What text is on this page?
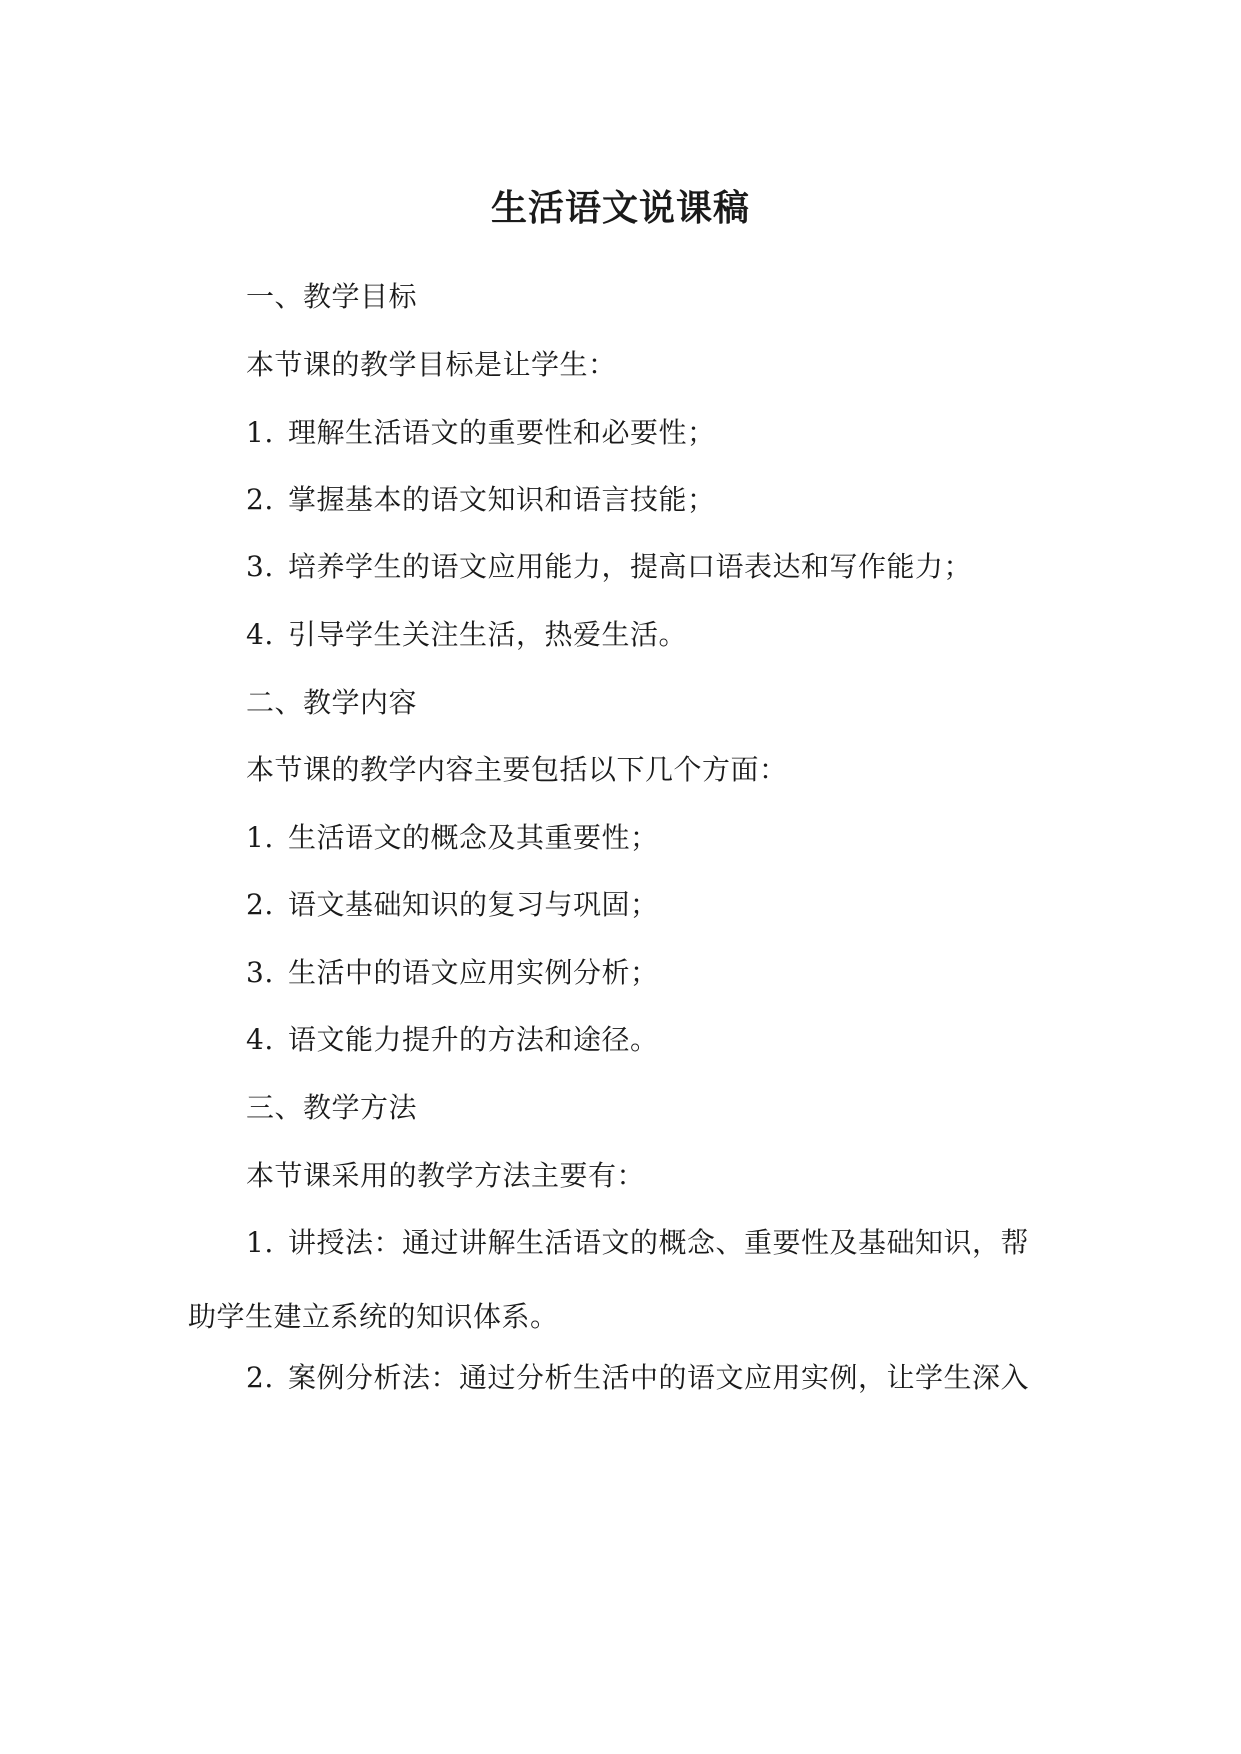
生活语文说课稿

一、教学目标

本节课的教学目标是让学生：

1. 理解生活语文的重要性和必要性；

2. 掌握基本的语文知识和语言技能；

3. 培养学生的语文应用能力，提高口语表达和写作能力；

4. 引导学生关注生活，热爱生活。

二、教学内容

本节课的教学内容主要包括以下几个方面：

1. 生活语文的概念及其重要性；

2. 语文基础知识的复习与巩固；

3. 生活中的语文应用实例分析；

4. 语文能力提升的方法和途径。

三、教学方法

本节课采用的教学方法主要有：

1. 讲授法：通过讲解生活语文的概念、重要性及基础知识，帮助学生建立系统的知识体系。

2. 案例分析法：通过分析生活中的语文应用实例，让学生深入
